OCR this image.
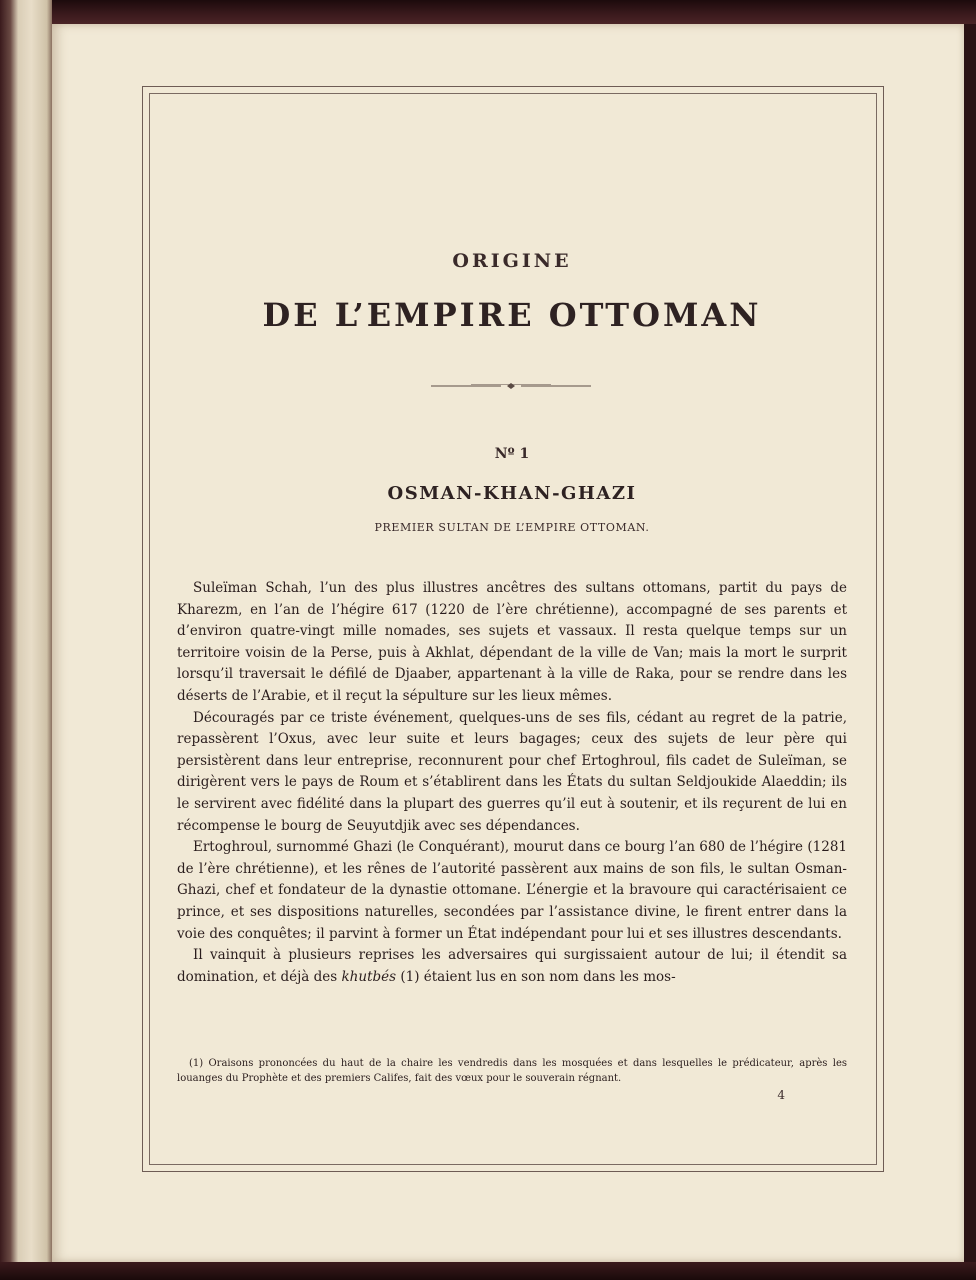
ORIGINE
DE L’EMPIRE OTTOMAN
Nº 1
OSMAN-KHAN-GHAZI
PREMIER SULTAN DE L’EMPIRE OTTOMAN.

Suleïman Schah, l’un des plus illustres ancêtres des sultans ottomans, partit du pays de Kharezm, en l’an de l’hégire 617 (1220 de l’ère chrétienne), accompagné de ses parents et d’environ quatre-vingt mille nomades, ses sujets et vassaux. Il resta quelque temps sur un territoire voisin de la Perse, puis à Akhlat, dépendant de la ville de Van; mais la mort le surprit lorsqu’il traversait le défilé de Djaaber, appartenant à la ville de Raka, pour se rendre dans les déserts de l’Arabie, et il reçut la sépulture sur les lieux mêmes.

Découragés par ce triste événement, quelques-uns de ses fils, cédant au regret de la patrie, repassèrent l’Oxus, avec leur suite et leurs bagages; ceux des sujets de leur père qui persistèrent dans leur entreprise, reconnurent pour chef Ertoghroul, fils cadet de Suleïman, se dirigèrent vers le pays de Roum et s’établirent dans les États du sultan Seldjoukide Alaeddin; ils le servirent avec fidélité dans la plupart des guerres qu’il eut à soutenir, et ils reçurent de lui en récompense le bourg de Seuyutdjik avec ses dépendances.

Ertoghroul, surnommé Ghazi (le Conquérant), mourut dans ce bourg l’an 680 de l’hégire (1281 de l’ère chrétienne), et les rênes de l’autorité passèrent aux mains de son fils, le sultan Osman-Ghazi, chef et fondateur de la dynastie ottomane. L’énergie et la bravoure qui caractérisaient ce prince, et ses dispositions naturelles, secondées par l’assistance divine, le firent entrer dans la voie des conquêtes; il parvint à former un État indépendant pour lui et ses illustres descendants.

Il vainquit à plusieurs reprises les adversaires qui surgissaient autour de lui; il étendit sa domination, et déjà des khutbés (1) étaient lus en son nom dans les mos-

(1) Oraisons prononcées du haut de la chaire les vendredis dans les mosquées et dans lesquelles le prédicateur, après les louanges du Prophète et des premiers Califes, fait des vœux pour le souverain régnant.
4
